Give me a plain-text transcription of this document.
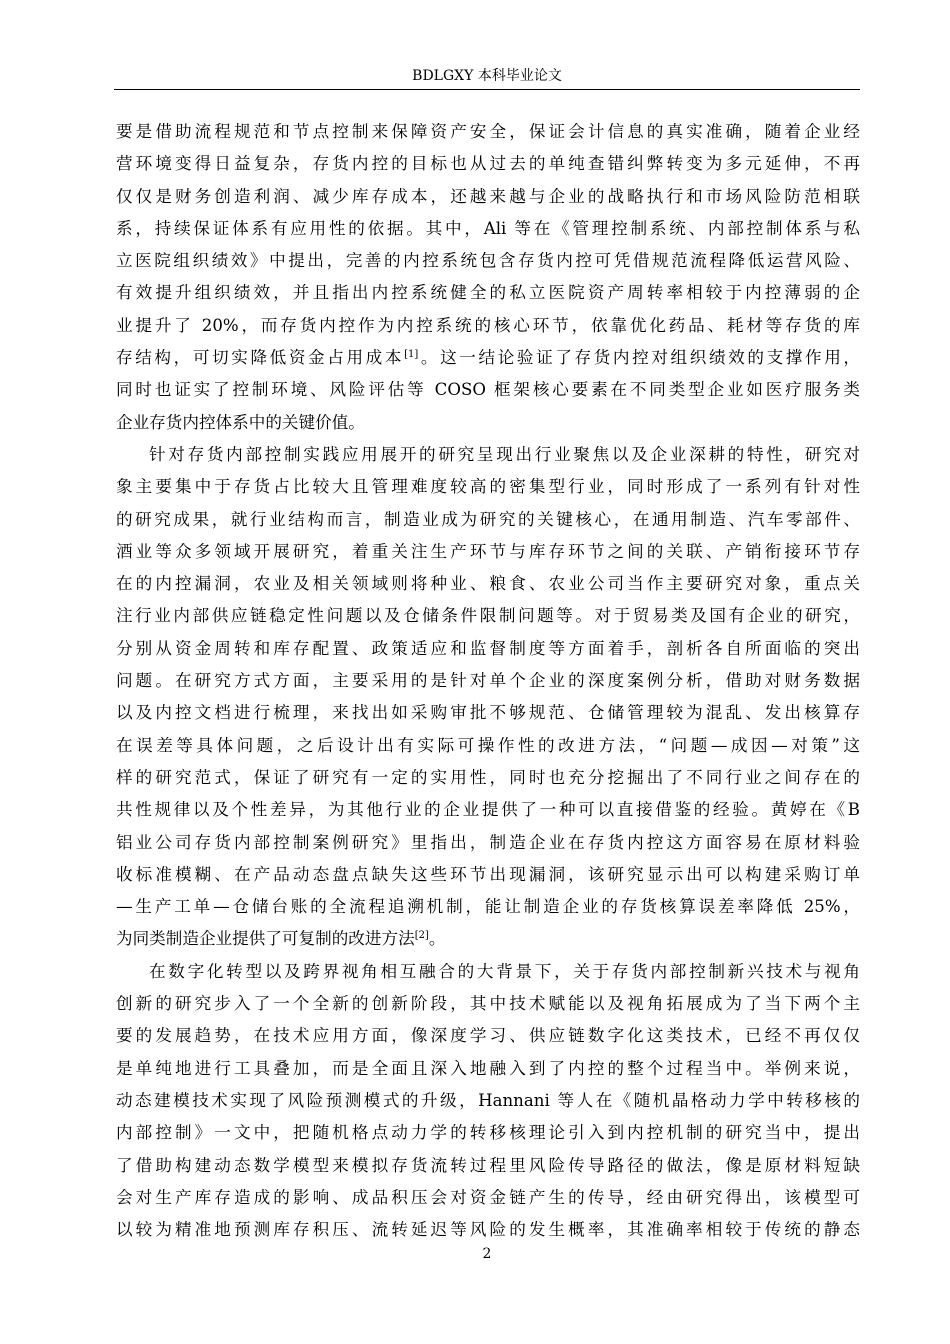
BDLGXY 本科毕业论文
要是借助流程规范和节点控制来保障资产安全，保证会计信息的真实准确，随着企业经
营环境变得日益复杂，存货内控的目标也从过去的单纯查错纠弊转变为多元延伸，不再
仅仅是财务创造利润、减少库存成本，还越来越与企业的战略执行和市场风险防范相联
系，持续保证体系有应用性的依据。其中，Ali 等在《管理控制系统、内部控制体系与私
立医院组织绩效》中提出，完善的内控系统包含存货内控可凭借规范流程降低运营风险、
有效提升组织绩效，并且指出内控系统健全的私立医院资产周转率相较于内控薄弱的企
业提升了 20%，而存货内控作为内控系统的核心环节，依靠优化药品、耗材等存货的库
存结构，可切实降低资金占用成本[1]。这一结论验证了存货内控对组织绩效的支撑作用，
同时也证实了控制环境、风险评估等 COSO 框架核心要素在不同类型企业如医疗服务类
企业存货内控体系中的关键价值。
针对存货内部控制实践应用展开的研究呈现出行业聚焦以及企业深耕的特性，研究对
象主要集中于存货占比较大且管理难度较高的密集型行业，同时形成了一系列有针对性
的研究成果，就行业结构而言，制造业成为研究的关键核心，在通用制造、汽车零部件、
酒业等众多领域开展研究，着重关注生产环节与库存环节之间的关联、产销衔接环节存
在的内控漏洞，农业及相关领域则将种业、粮食、农业公司当作主要研究对象，重点关
注行业内部供应链稳定性问题以及仓储条件限制问题等。对于贸易类及国有企业的研究，
分别从资金周转和库存配置、政策适应和监督制度等方面着手，剖析各自所面临的突出
问题。在研究方式方面，主要采用的是针对单个企业的深度案例分析，借助对财务数据
以及内控文档进行梳理，来找出如采购审批不够规范、仓储管理较为混乱、发出核算存
在误差等具体问题，之后设计出有实际可操作性的改进方法，“问题—成因—对策”这
样的研究范式，保证了研究有一定的实用性，同时也充分挖掘出了不同行业之间存在的
共性规律以及个性差异，为其他行业的企业提供了一种可以直接借鉴的经验。黄婷在《B
铝业公司存货内部控制案例研究》里指出，制造企业在存货内控这方面容易在原材料验
收标准模糊、在产品动态盘点缺失这些环节出现漏洞，该研究显示出可以构建采购订单
—生产工单—仓储台账的全流程追溯机制，能让制造企业的存货核算误差率降低 25%，
为同类制造企业提供了可复制的改进方法[2]。
在数字化转型以及跨界视角相互融合的大背景下，关于存货内部控制新兴技术与视角
创新的研究步入了一个全新的创新阶段，其中技术赋能以及视角拓展成为了当下两个主
要的发展趋势，在技术应用方面，像深度学习、供应链数字化这类技术，已经不再仅仅
是单纯地进行工具叠加，而是全面且深入地融入到了内控的整个过程当中。举例来说，
动态建模技术实现了风险预测模式的升级，Hannani 等人在《随机晶格动力学中转移核的
内部控制》一文中，把随机格点动力学的转移核理论引入到内控机制的研究当中，提出
了借助构建动态数学模型来模拟存货流转过程里风险传导路径的做法，像是原材料短缺
会对生产库存造成的影响、成品积压会对资金链产生的传导，经由研究得出，该模型可
以较为精准地预测库存积压、流转延迟等风险的发生概率，其准确率相较于传统的静态
2
